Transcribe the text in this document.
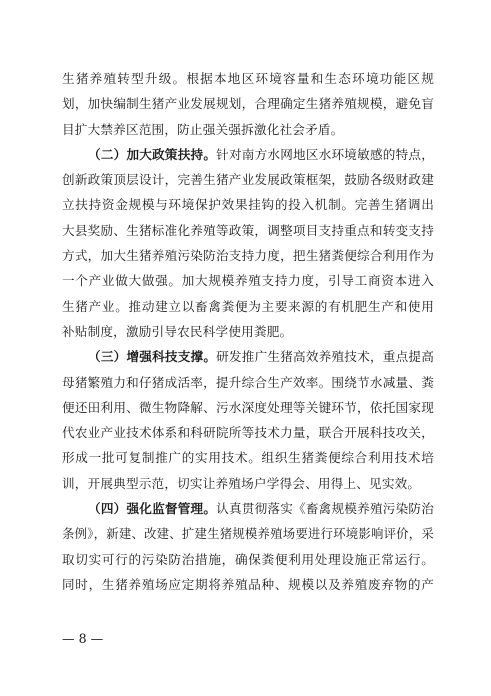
生猪养殖转型升级。根据本地区环境容量和生态环境功能区规
划，加快编制生猪产业发展规划，合理确定生猪养殖规模，避免盲
目扩大禁养区范围，防止强关强拆激化社会矛盾。
（二）加大政策扶持。针对南方水网地区水环境敏感的特点，
创新政策顶层设计，完善生猪产业发展政策框架，鼓励各级财政建
立扶持资金规模与环境保护效果挂钩的投入机制。完善生猪调出
大县奖励、生猪标准化养殖等政策，调整项目支持重点和转变支持
方式，加大生猪养殖污染防治支持力度，把生猪粪便综合利用作为
一个产业做大做强。加大规模养殖支持力度，引导工商资本进入
生猪产业。推动建立以畜禽粪便为主要来源的有机肥生产和使用
补贴制度，激励引导农民科学使用粪肥。
（三）增强科技支撑。研发推广生猪高效养殖技术，重点提高
母猪繁殖力和仔猪成活率，提升综合生产效率。围绕节水减量、粪
便还田利用、微生物降解、污水深度处理等关键环节，依托国家现
代农业产业技术体系和科研院所等技术力量，联合开展科技攻关，
形成一批可复制推广的实用技术。组织生猪粪便综合利用技术培
训，开展典型示范，切实让养殖场户学得会、用得上、见实效。
（四）强化监督管理。认真贯彻落实《畜禽规模养殖污染防治
条例》，新建、改建、扩建生猪规模养殖场要进行环境影响评价，采
取切实可行的污染防治措施，确保粪便利用处理设施正常运行。
同时，生猪养殖场应定期将养殖品种、规模以及养殖废弃物的产
— 8 —
